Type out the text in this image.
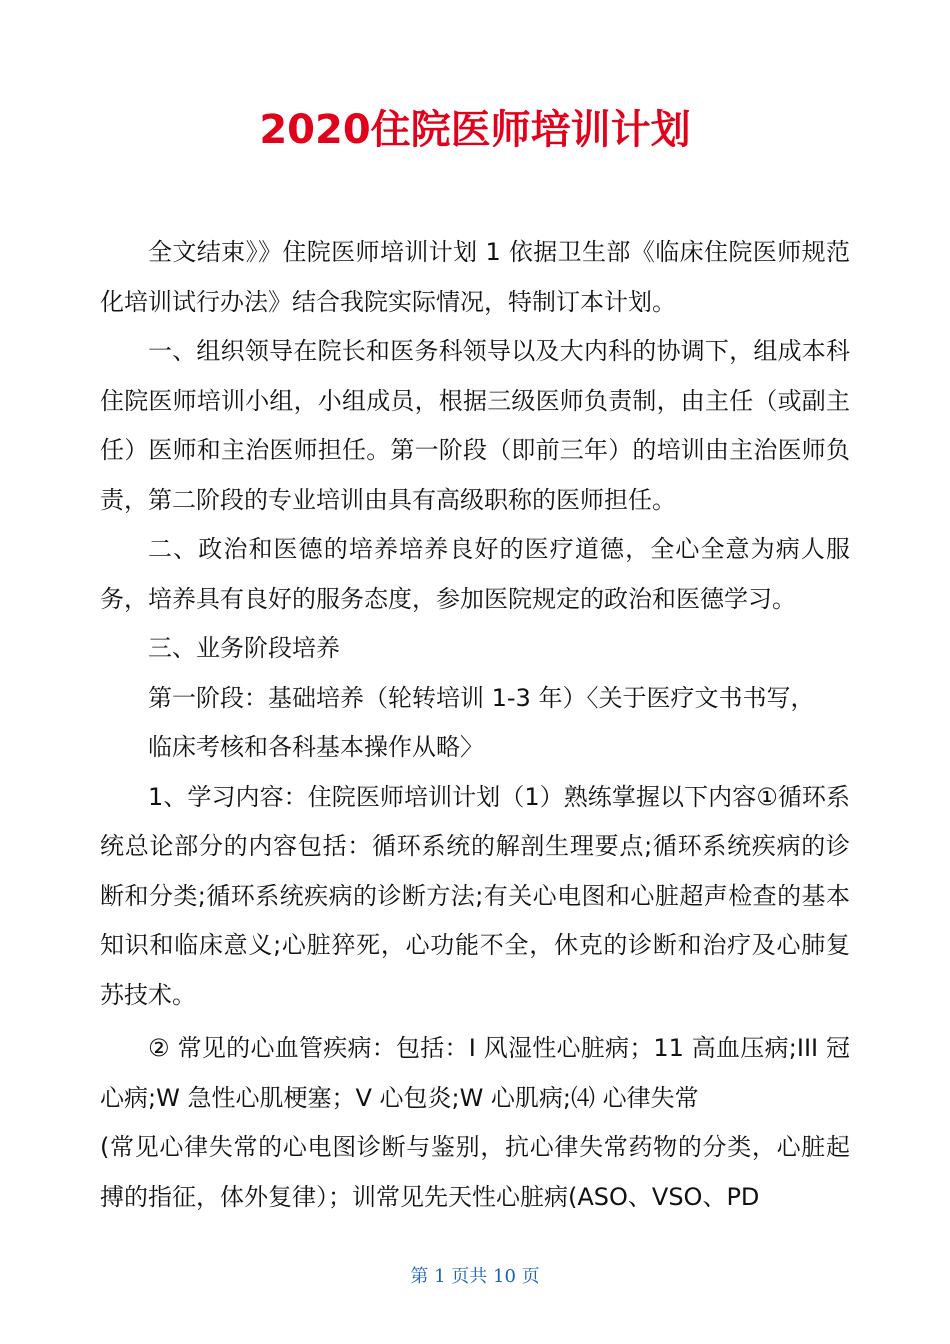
2020住院医师培训计划

全文结束》》住院医师培训计划 1 依据卫生部《临床住院医师规范化培训试行办法》结合我院实际情况，特制订本计划。

一、组织领导在院长和医务科领导以及大内科的协调下，组成本科住院医师培训小组，小组成员，根据三级医师负责制，由主任（或副主任）医师和主治医师担任。第一阶段（即前三年）的培训由主治医师负责，第二阶段的专业培训由具有高级职称的医师担任。

二、政治和医德的培养培养良好的医疗道德，全心全意为病人服务，培养具有良好的服务态度，参加医院规定的政治和医德学习。

三、业务阶段培养

第一阶段：基础培养（轮转培训 1-3 年）〈关于医疗文书书写，

临床考核和各科基本操作从略〉

1、学习内容：住院医师培训计划（1）熟练掌握以下内容①循环系统总论部分的内容包括：循环系统的解剖生理要点;循环系统疾病的诊断和分类;循环系统疾病的诊断方法;有关心电图和心脏超声检查的基本知识和临床意义;心脏猝死，心功能不全，休克的诊断和治疗及心肺复苏技术。

② 常见的心血管疾病：包括：I 风湿性心脏病；11 高血压病;III 冠心病;W 急性心肌梗塞；V 心包炎;W 心肌病;⑷ 心律失常

(常见心律失常的心电图诊断与鉴别，抗心律失常药物的分类，心脏起搏的指征，体外复律）；训常见先天性心脏病(ASO、VSO、PD

第 1 页共 10 页
